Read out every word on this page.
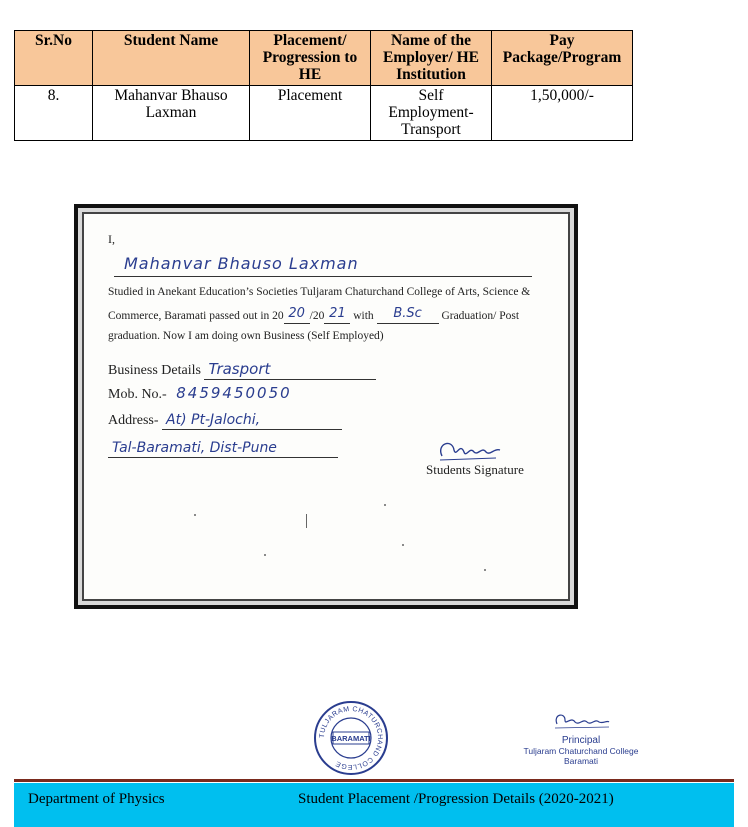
Sr.No	Student Name	Placement/ Progression to HE	Name of the Employer/ HE Institution	Pay Package/Program
8.	Mahanvar Bhauso Laxman	Placement	Self Employment-Transport	1,50,000/-
I,
Mahanvar Bhauso Laxman
Studied in Anekant Education’s Societies Tuljaram Chaturchand College of Arts, Science &
Commerce, Baramati passed out in 20 20 /20 21 with B.Sc Graduation/ Post
graduation. Now I am doing own Business (Self Employed)
Business Details Trasport
Mob. No.- 8459450050
Address- At) Pt-Jalochi,
Tal-Baramati, Dist-Pune
Students Signature
TULJARAM CHATURCHAND COLLEGE
BARAMATI	Principal
Tuljaram Chaturchand College
Baramati
Department of Physics	Student Placement /Progression Details (2020-2021)
